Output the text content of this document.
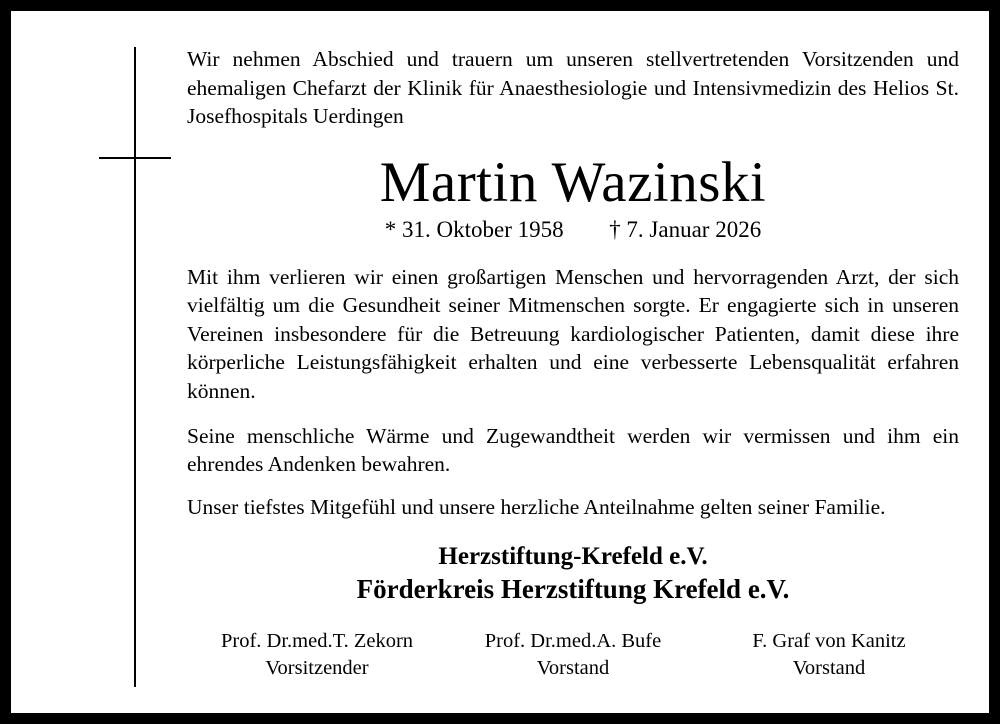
Wir nehmen Abschied und trauern um unseren stellvertretenden Vorsitzenden und ehemaligen Chefarzt der Klinik für Anaesthesiologie und Intensivmedizin des Helios St. Josefhospitals Uerdingen

Martin Wazinski
* 31. Oktober 1958 † 7. Januar 2026

Mit ihm verlieren wir einen großartigen Menschen und hervorragenden Arzt, der sich vielfältig um die Gesundheit seiner Mitmenschen sorgte. Er engagierte sich in unseren Vereinen insbesondere für die Betreuung kardiologischer Patienten, damit diese ihre körperliche Leistungsfähigkeit erhalten und eine verbesserte Lebensqualität erfahren können.

Seine menschliche Wärme und Zugewandtheit werden wir vermissen und ihm ein ehrendes Andenken bewahren.

Unser tiefstes Mitgefühl und unsere herzliche Anteilnahme gelten seiner Familie.

Herzstiftung-Krefeld e.V.
Förderkreis Herzstiftung Krefeld e.V.
Prof. Dr.med.T. Zekorn
Vorsitzender
Prof. Dr.med.A. Bufe
Vorstand
F. Graf von Kanitz
Vorstand
